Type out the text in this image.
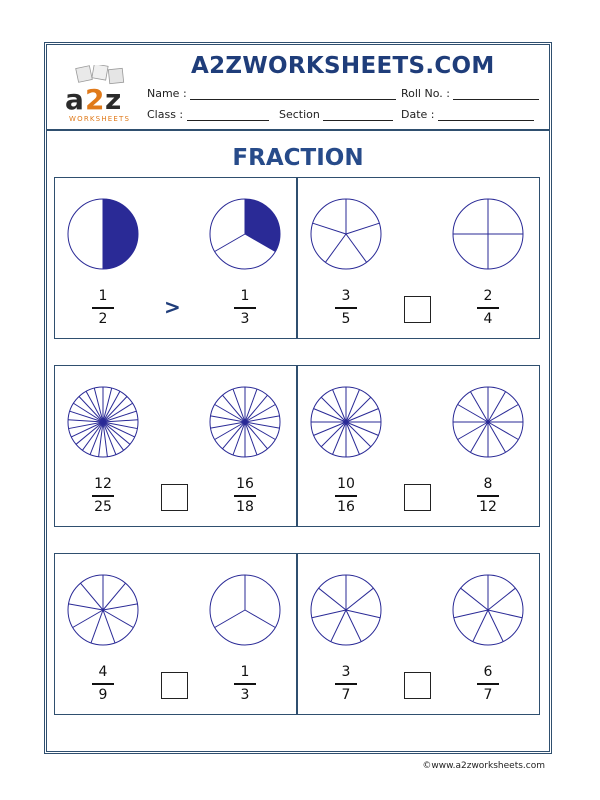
a 2 z
WORKSHEETS
A2ZWORKSHEETS.COM
Name :	Roll No. :
Class :	Section	Date :
FRACTION
1
2
1
3
>	3
5
2
4
12
25
16
18
10
16
8
12
4
9
1
3
3
7
6
7
©www.a2zworksheets.com
